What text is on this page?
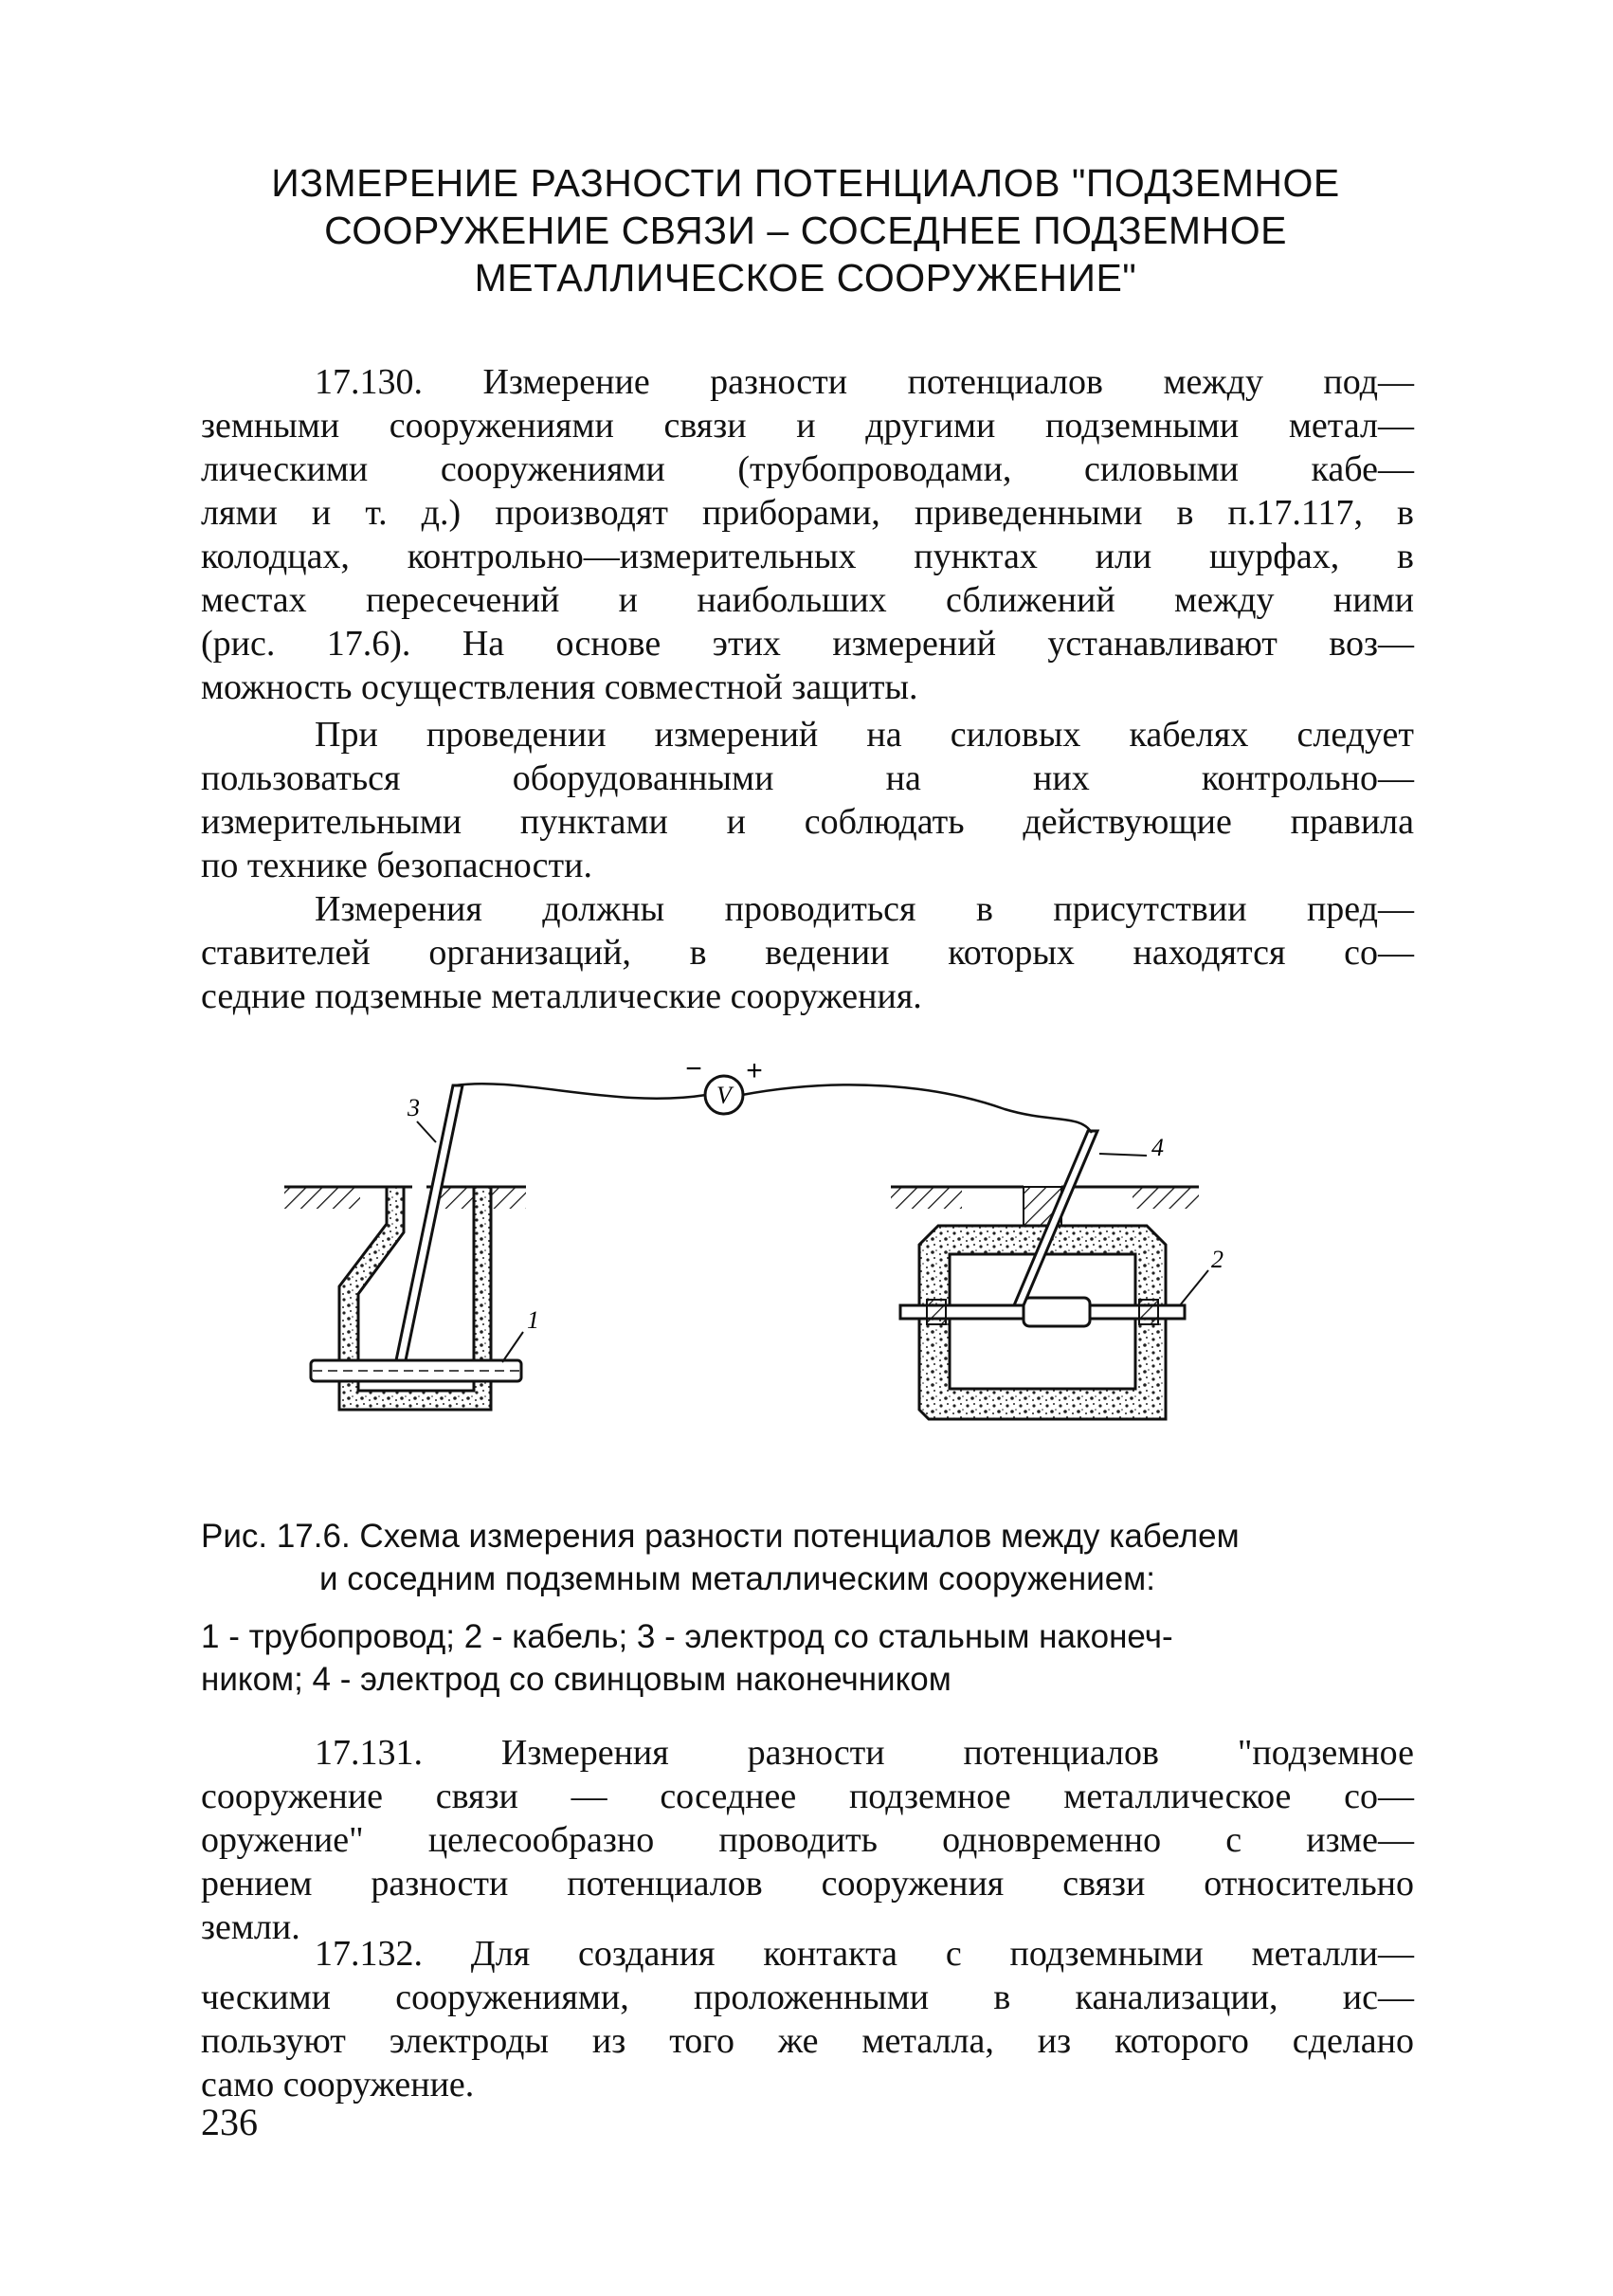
ИЗМЕРЕНИЕ РАЗНОСТИ ПОТЕНЦИАЛОВ "ПОДЗЕМНОЕ
СООРУЖЕНИЕ СВЯЗИ – СОСЕДНЕЕ ПОДЗЕМНОЕ
МЕТАЛЛИЧЕСКОЕ СООРУЖЕНИЕ"
17.130. Измерение разности потенциалов между под—
земными сооружениями связи и другими подземными метал—
лическими сооружениями (трубопроводами, силовыми кабе—
лями и т. д.) производят приборами, приведенными в п.17.117, в
колодцах, контрольно—измерительных пунктах или шурфах, в
местах пересечений и наибольших сближений между ними
(рис. 17.6). На основе этих измерений устанавливают воз—
можность осуществления совместной защиты.
При проведении измерений на силовых кабелях следует
пользоваться оборудованными на них контрольно—
измерительными пунктами и соблюдать действующие правила
по технике безопасности.
Измерения должны проводиться в присутствии пред—
ставителей организаций, в ведении которых находятся со—
седние подземные металлические сооружения.
V
− +
3
4
1
2
Рис. 17.6. Схема измерения разности потенциалов между кабелем
и соседним подземным металлическим сооружением:
1 - трубопровод; 2 - кабель; 3 - электрод со стальным наконеч-
ником; 4 - электрод со свинцовым наконечником
17.131. Измерения разности потенциалов "подземное
сооружение связи — соседнее подземное металлическое со—
оружение" целесообразно проводить одновременно с изме—
рением разности потенциалов сооружения связи относительно
земли.
17.132. Для создания контакта с подземными металли—
ческими сооружениями, проложенными в канализации, ис—
пользуют электроды из того же металла, из которого сделано
само сооружение.
236
